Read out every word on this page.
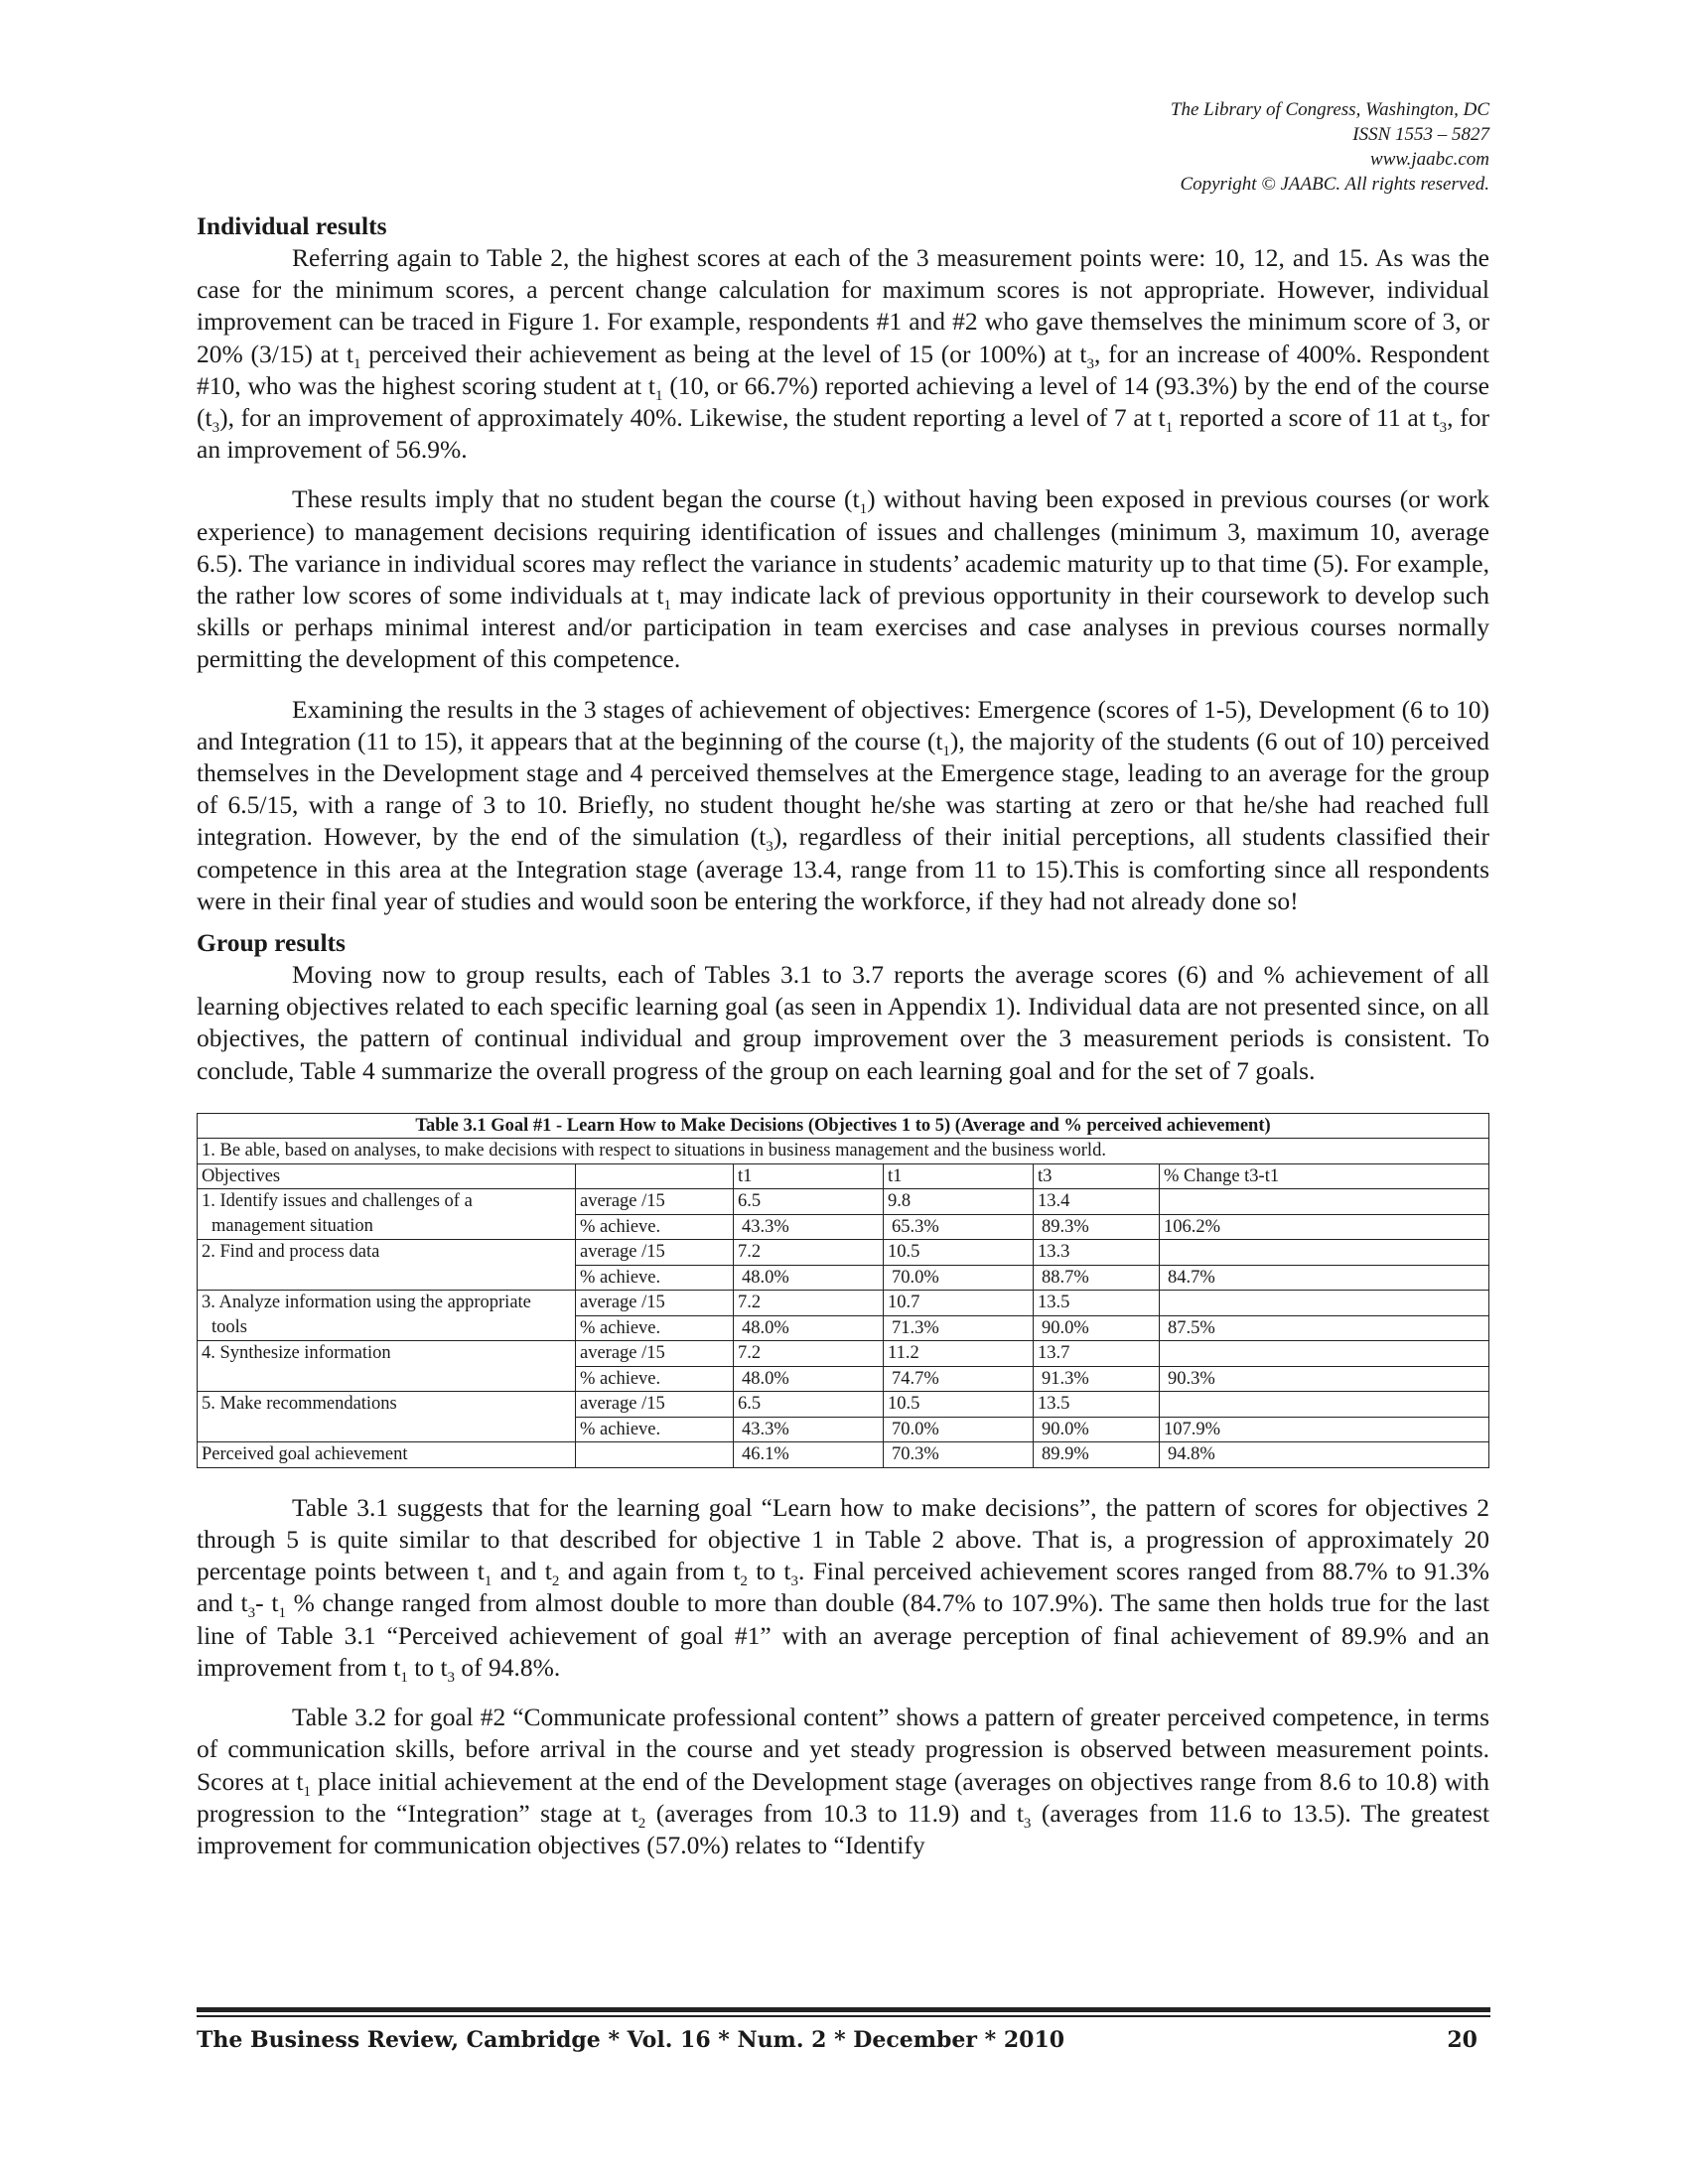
The Library of Congress, Washington, DC
ISSN 1553 – 5827
www.jaabc.com
Copyright © JAABC. All rights reserved.
Individual results

Referring again to Table 2, the highest scores at each of the 3 measurement points were: 10, 12, and 15. As was the case for the minimum scores, a percent change calculation for maximum scores is not appropriate. However, individual improvement can be traced in Figure 1. For example, respondents #1 and #2 who gave themselves the minimum score of 3, or 20% (3/15) at $t_1$ perceived their achievement as being at the level of 15 (or 100%) at $t_3$, for an increase of 400%. Respondent #10, who was the highest scoring student at $t_1$ (10, or 66.7%) reported achieving a level of 14 (93.3%) by the end of the course $(t_3)$, for an improvement of approximately 40%. Likewise, the student reporting a level of 7 at $t_1$ reported a score of 11 at $t_3$, for an improvement of 56.9%.

These results imply that no student began the course $(t_1)$ without having been exposed in previous courses (or work experience) to management decisions requiring identification of issues and challenges (minimum 3, maximum 10, average 6.5). The variance in individual scores may reflect the variance in students’ academic maturity up to that time (5). For example, the rather low scores of some individuals at $t_1$ may indicate lack of previous opportunity in their coursework to develop such skills or perhaps minimal interest and/or participation in team exercises and case analyses in previous courses normally permitting the development of this competence.

Examining the results in the 3 stages of achievement of objectives: Emergence (scores of 1-5), Development (6 to 10) and Integration (11 to 15), it appears that at the beginning of the course $(t_1)$, the majority of the students (6 out of 10) perceived themselves in the Development stage and 4 perceived themselves at the Emergence stage, leading to an average for the group of 6.5/15, with a range of 3 to 10. Briefly, no student thought he/she was starting at zero or that he/she had reached full integration. However, by the end of the simulation $(t_3)$, regardless of their initial perceptions, all students classified their competence in this area at the Integration stage (average 13.4, range from 11 to 15).This is comforting since all respondents were in their final year of studies and would soon be entering the workforce, if they had not already done so!

Group results

Moving now to group results, each of Tables 3.1 to 3.7 reports the average scores (6) and % achievement of all learning objectives related to each specific learning goal (as seen in Appendix 1). Individual data are not presented since, on all objectives, the pattern of continual individual and group improvement over the 3 measurement periods is consistent. To conclude, Table 4 summarize the overall progress of the group on each learning goal and for the set of 7 goals.

Table 3.1 Goal #1 - Learn How to Make Decisions (Objectives 1 to 5) (Average and % perceived achievement)					
1. Be able, based on analyses, to make decisions with respect to situations in business management and the business world.					
Objectives		t1	t1	t3	% Change t3-t1
1. Identify issues and challenges of a	average /15	6.5	9.8	13.4	
management situation	% achieve.	43.3%	65.3%	89.3%	106.2%
2. Find and process data	average /15	7.2	10.5	13.3	
	% achieve.	48.0%	70.0%	88.7%	84.7%
3. Analyze information using the appropriate	average /15	7.2	10.7	13.5	
tools	% achieve.	48.0%	71.3%	90.0%	87.5%
4. Synthesize information	average /15	7.2	11.2	13.7	
	% achieve.	48.0%	74.7%	91.3%	90.3%
5. Make recommendations	average /15	6.5	10.5	13.5	
	% achieve.	43.3%	70.0%	90.0%	107.9%
Perceived goal achievement		46.1%	70.3%	89.9%	94.8%

Table 3.1 suggests that for the learning goal “Learn how to make decisions”, the pattern of scores for objectives 2 through 5 is quite similar to that described for objective 1 in Table 2 above. That is, a progression of approximately 20 percentage points between $t_1$ and $t_2$ and again from $t_2$ to $t_3$. Final perceived achievement scores ranged from 88.7% to 91.3% and $t_3-$ $t_1$ % change ranged from almost double to more than double (84.7% to 107.9%). The same then holds true for the last line of Table 3.1 “Perceived achievement of goal #1” with an average perception of final achievement of 89.9% and an improvement from $t_1$ to $t_3$ of 94.8%.

Table 3.2 for goal #2 “Communicate professional content” shows a pattern of greater perceived competence, in terms of communication skills, before arrival in the course and yet steady progression is observed between measurement points. Scores at $t_1$ place initial achievement at the end of the Development stage (averages on objectives range from 8.6 to 10.8) with progression to the “Integration” stage at $t_2$ (averages from 10.3 to 11.9) and $t_3$ (averages from 11.6 to 13.5). The greatest improvement for communication objectives (57.0%) relates to “Identify

The Business Review, Cambridge * Vol. 16 * Num. 2 * December * 2010	20
